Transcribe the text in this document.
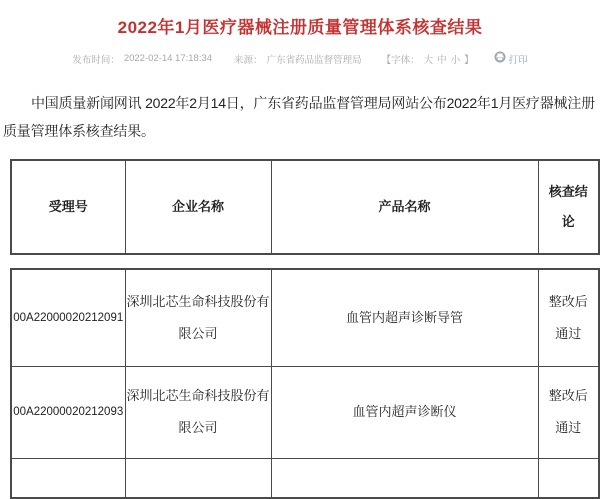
2022年1月医疗器械注册质量管理体系核查结果
发布时间： 2022-02-14 17:18:34 来源： 广东省药品监督管理局 【字体： 大 中 小 】	打印

中国质量新闻网讯 2022年2月14日，广东省药品监督管理局网站公布2022年1月医疗器械注册质量管理体系核查结果。

受理号	企业名称	产品名称	核查结论
00A22000020212091	深圳北芯生命科技股份有限公司	血管内超声诊断导管	整改后通过
00A22000020212093	深圳北芯生命科技股份有限公司	血管内超声诊断仪	整改后通过
